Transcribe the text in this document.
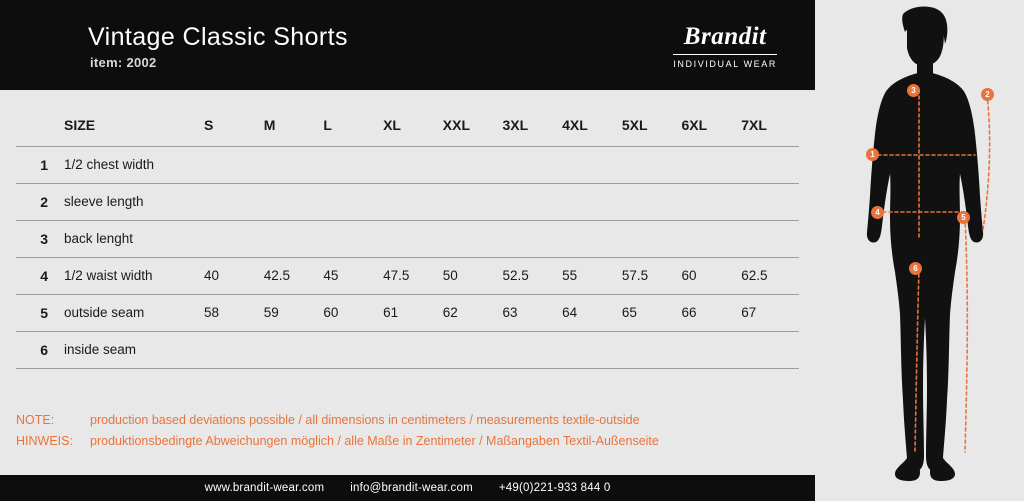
Vintage Classic Shorts
item: 2002
Brandit
INDIVIDUAL WEAR
	SIZE	S	M	L	XL	XXL	3XL	4XL	5XL	6XL	7XL
1	1/2 chest width										
2	sleeve length										
3	back lenght										
4	1/2 waist width	40	42.5	45	47.5	50	52.5	55	57.5	60	62.5
5	outside seam	58	59	60	61	62	63	64	65	66	67
6	inside seam										
NOTE:	production based deviations possible / all dimensions in centimeters / measurements textile-outside
HINWEIS:	produktionsbedingte Abweichungen möglich / alle Maße in Zentimeter / Maßangaben Textil-Außenseite
www.brandit-wear.com info@brandit-wear.com +49(0)221-933 844 0
3	2
1
4
5
6
